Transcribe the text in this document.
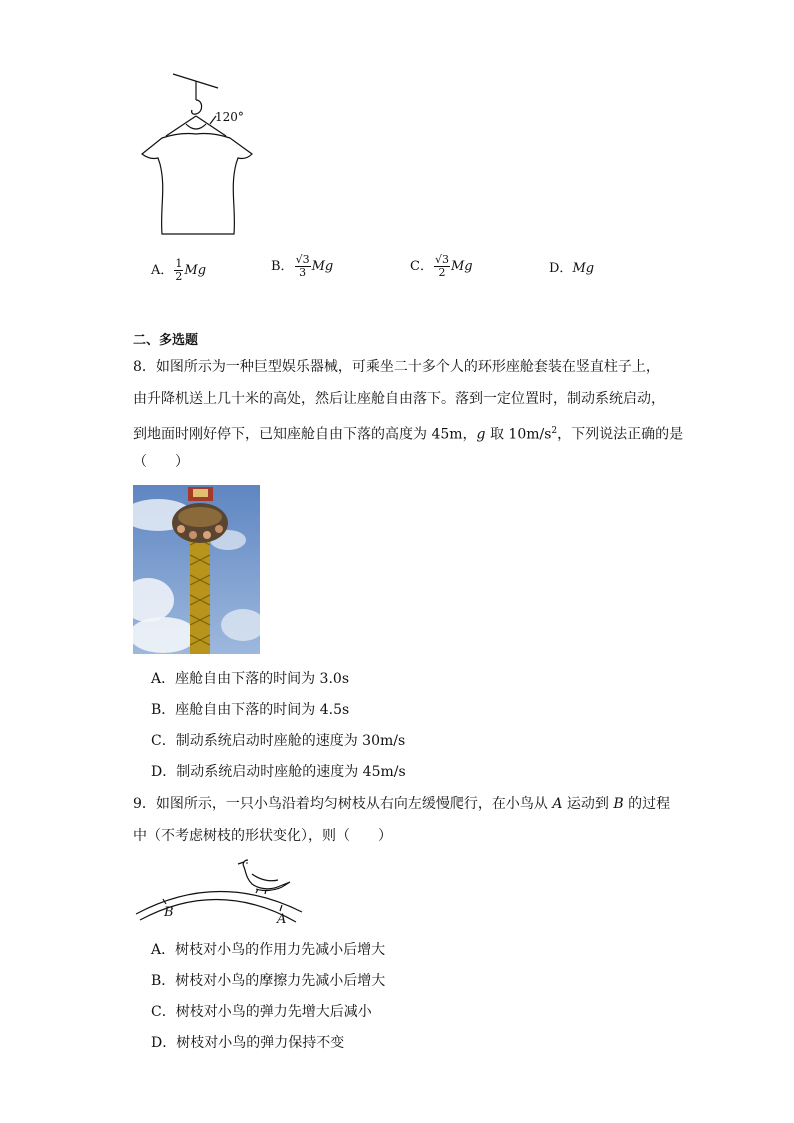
120°
A． $\frac{1}{2}$ Mg	B． $\frac{√3}{3}$ Mg	C． $\frac{√3}{2}$ Mg	D．Mg
二、多选题
8．如图所示为一种巨型娱乐器械，可乘坐二十多个人的环形座舱套装在竖直柱子上，
由升降机送上几十米的高处，然后让座舱自由落下。落到一定位置时，制动系统启动，
到地面时刚好停下，已知座舱自由下落的高度为 45m，g 取 $10m/s^2$，下列说法正确的是
（　　）
A．座舱自由下落的时间为 3.0s
B．座舱自由下落的时间为 4.5s
C．制动系统启动时座舱的速度为 30m/s
D．制动系统启动时座舱的速度为 45m/s
9．如图所示，一只小鸟沿着均匀树枝从右向左缓慢爬行，在小鸟从 A 运动到 B 的过程
中（不考虑树枝的形状变化），则（　　）
B	A
A．树枝对小鸟的作用力先减小后增大
B．树枝对小鸟的摩擦力先减小后增大
C．树枝对小鸟的弹力先增大后减小
D．树枝对小鸟的弹力保持不变
